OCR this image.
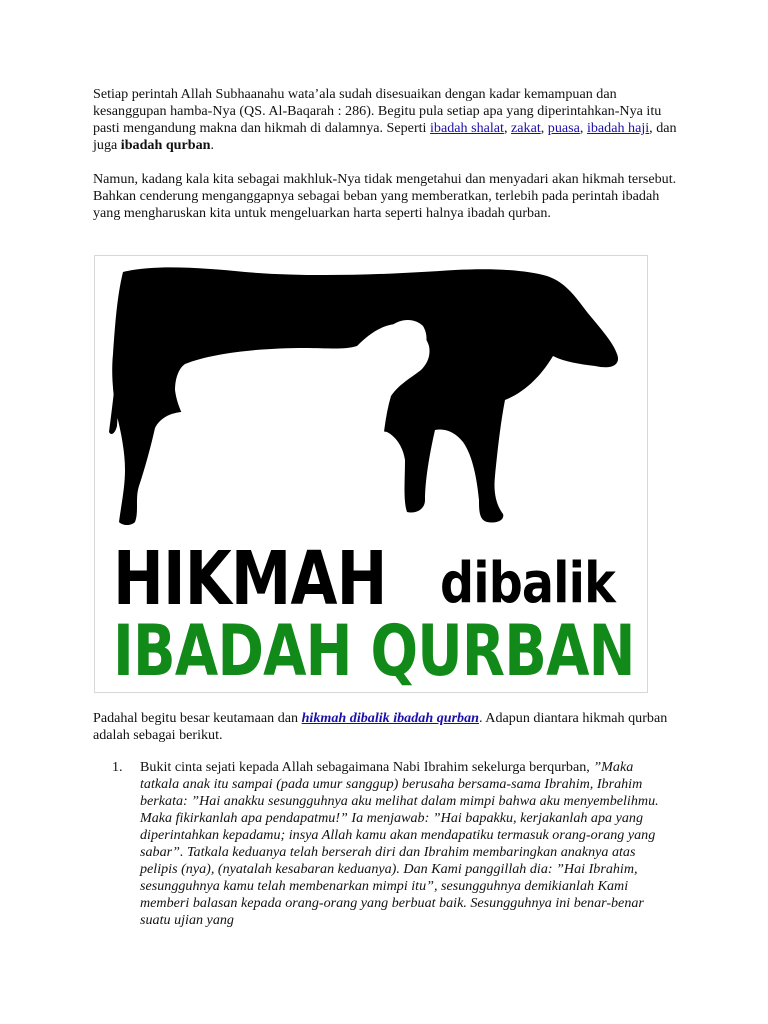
Setiap perintah Allah Subhaanahu wata’ala sudah disesuaikan dengan kadar kemampuan dan kesanggupan hamba-Nya (QS. Al-Baqarah : 286). Begitu pula setiap apa yang diperintahkan-Nya itu pasti mengandung makna dan hikmah di dalamnya. Seperti ibadah shalat, zakat, puasa, ibadah haji, dan juga ibadah qurban.
Namun, kadang kala kita sebagai makhluk-Nya tidak mengetahui dan menyadari akan hikmah tersebut. Bahkan cenderung menganggapnya sebagai beban yang memberatkan, terlebih pada perintah ibadah yang mengharuskan kita untuk mengeluarkan harta seperti halnya ibadah qurban.
HIKMAH dibalik
IBADAH QURBAN
Padahal begitu besar keutamaan dan hikmah dibalik ibadah qurban. Adapun diantara hikmah qurban adalah sebagai berikut.
1. Bukit cinta sejati kepada Allah sebagaimana Nabi Ibrahim sekelurga berqurban, ”Maka tatkala anak itu sampai (pada umur sanggup) berusaha bersama-sama Ibrahim, Ibrahim berkata: ”Hai anakku sesungguhnya aku melihat dalam mimpi bahwa aku menyembelihmu. Maka fikirkanlah apa pendapatmu!” Ia menjawab: ”Hai bapakku, kerjakanlah apa yang diperintahkan kepadamu; insya Allah kamu akan mendapatiku termasuk orang-orang yang sabar”. Tatkala keduanya telah berserah diri dan Ibrahim membaringkan anaknya atas pelipis (nya), (nyatalah kesabaran keduanya). Dan Kami panggillah dia: ”Hai Ibrahim, sesungguhnya kamu telah membenarkan mimpi itu”, sesungguhnya demikianlah Kami memberi balasan kepada orang-orang yang berbuat baik. Sesungguhnya ini benar-benar suatu ujian yang
